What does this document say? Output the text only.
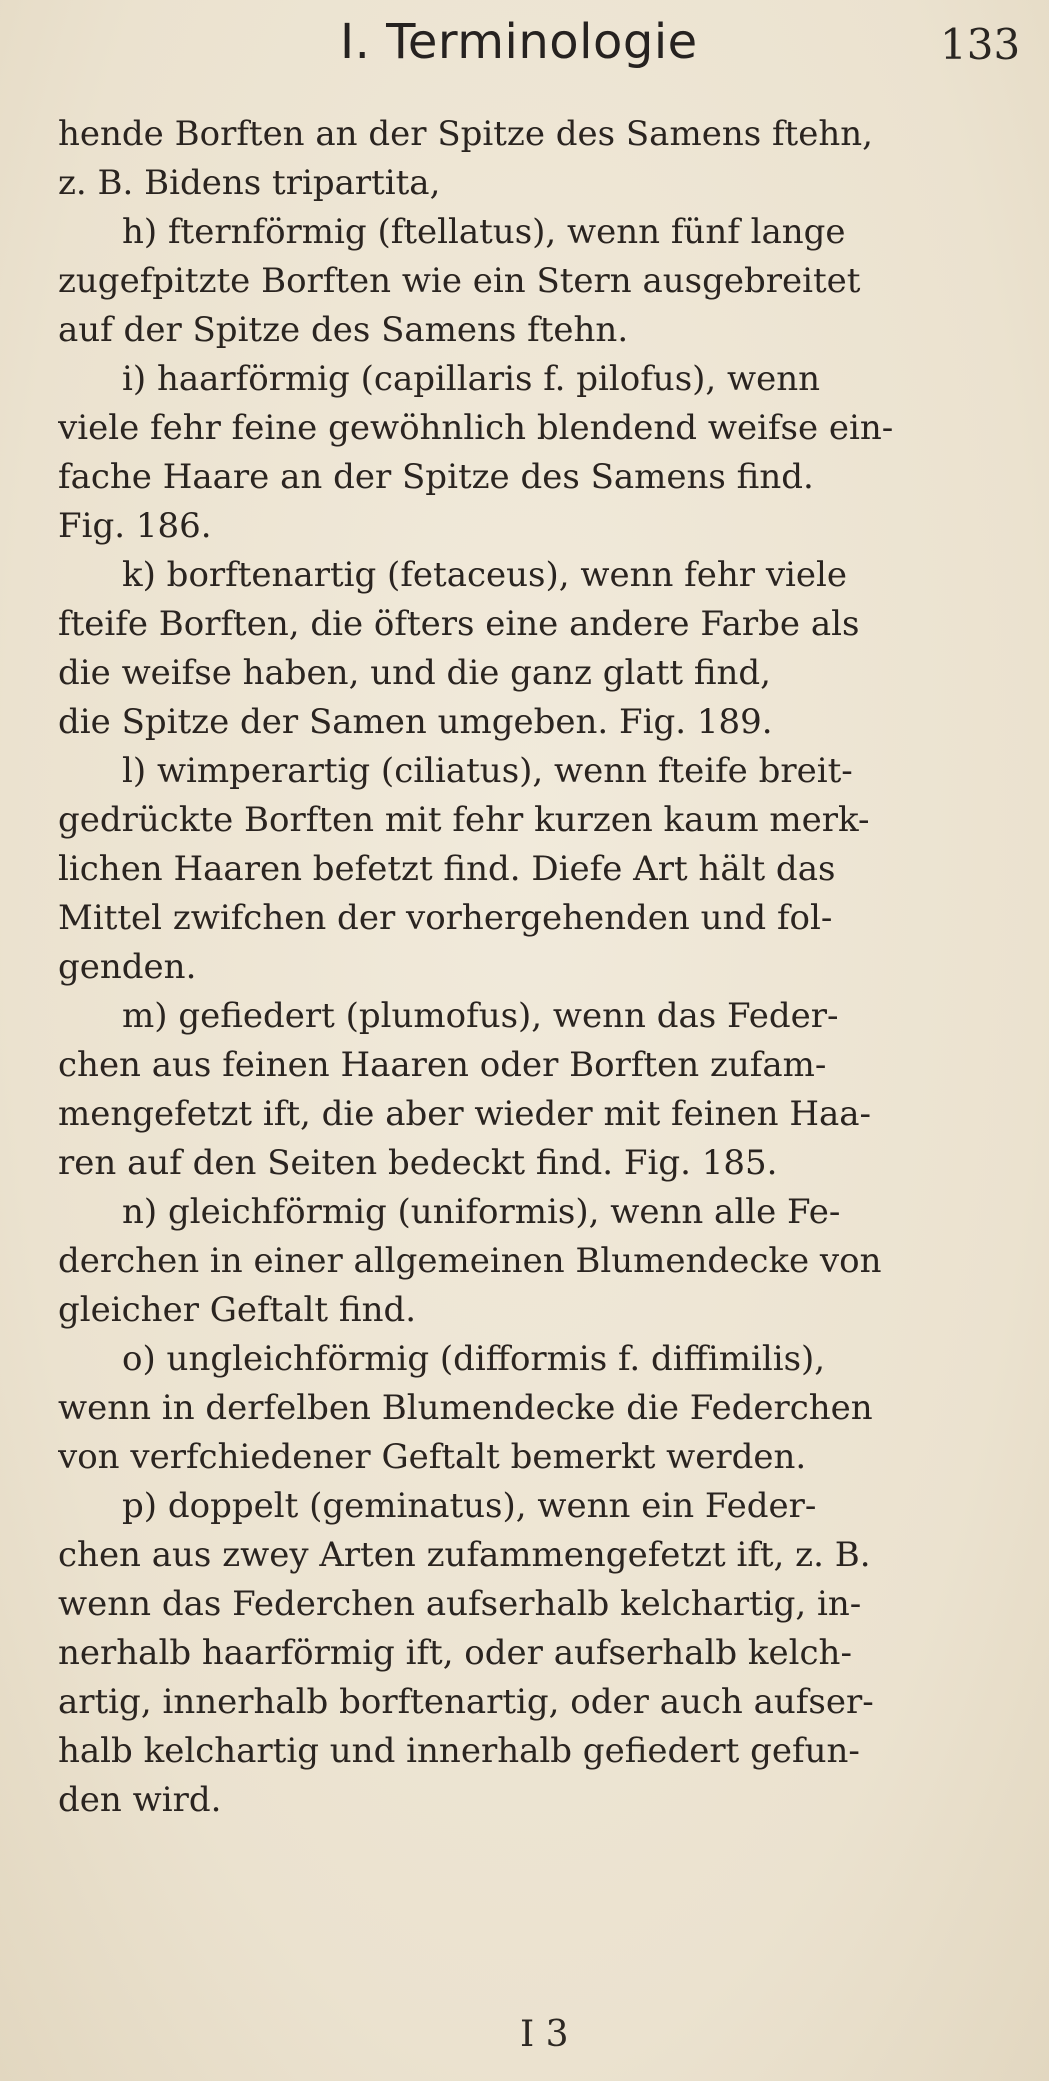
I. Terminologie	133
hende Borften an der Spitze des Samens ftehn,
z. B. Bidens tripartita,
h) fternförmig (ftellatus), wenn fünf lange
zugefpitzte Borften wie ein Stern ausgebreitet
auf der Spitze des Samens ftehn.
i) haarförmig (capillaris f. pilofus), wenn
viele fehr feine gewöhnlich blendend weifse ein-
fache Haare an der Spitze des Samens find.
Fig. 186.
k) borftenartig (fetaceus), wenn fehr viele
fteife Borften, die öfters eine andere Farbe als
die weifse haben, und die ganz glatt find,
die Spitze der Samen umgeben. Fig. 189.
l) wimperartig (ciliatus), wenn fteife breit-
gedrückte Borften mit fehr kurzen kaum merk-
lichen Haaren befetzt find. Diefe Art hält das
Mittel zwifchen der vorhergehenden und fol-
genden.
m) gefiedert (plumofus), wenn das Feder-
chen aus feinen Haaren oder Borften zufam-
mengefetzt ift, die aber wieder mit feinen Haa-
ren auf den Seiten bedeckt find. Fig. 185.
n) gleichförmig (uniformis), wenn alle Fe-
derchen in einer allgemeinen Blumendecke von
gleicher Geftalt find.
o) ungleichförmig (difformis f. diffimilis),
wenn in derfelben Blumendecke die Federchen
von verfchiedener Geftalt bemerkt werden.
p) doppelt (geminatus), wenn ein Feder-
chen aus zwey Arten zufammengefetzt ift, z. B.
wenn das Federchen aufserhalb kelchartig, in-
nerhalb haarförmig ift, oder aufserhalb kelch-
artig, innerhalb borftenartig, oder auch aufser-
halb kelchartig und innerhalb gefiedert gefun-
den wird.
I 3
